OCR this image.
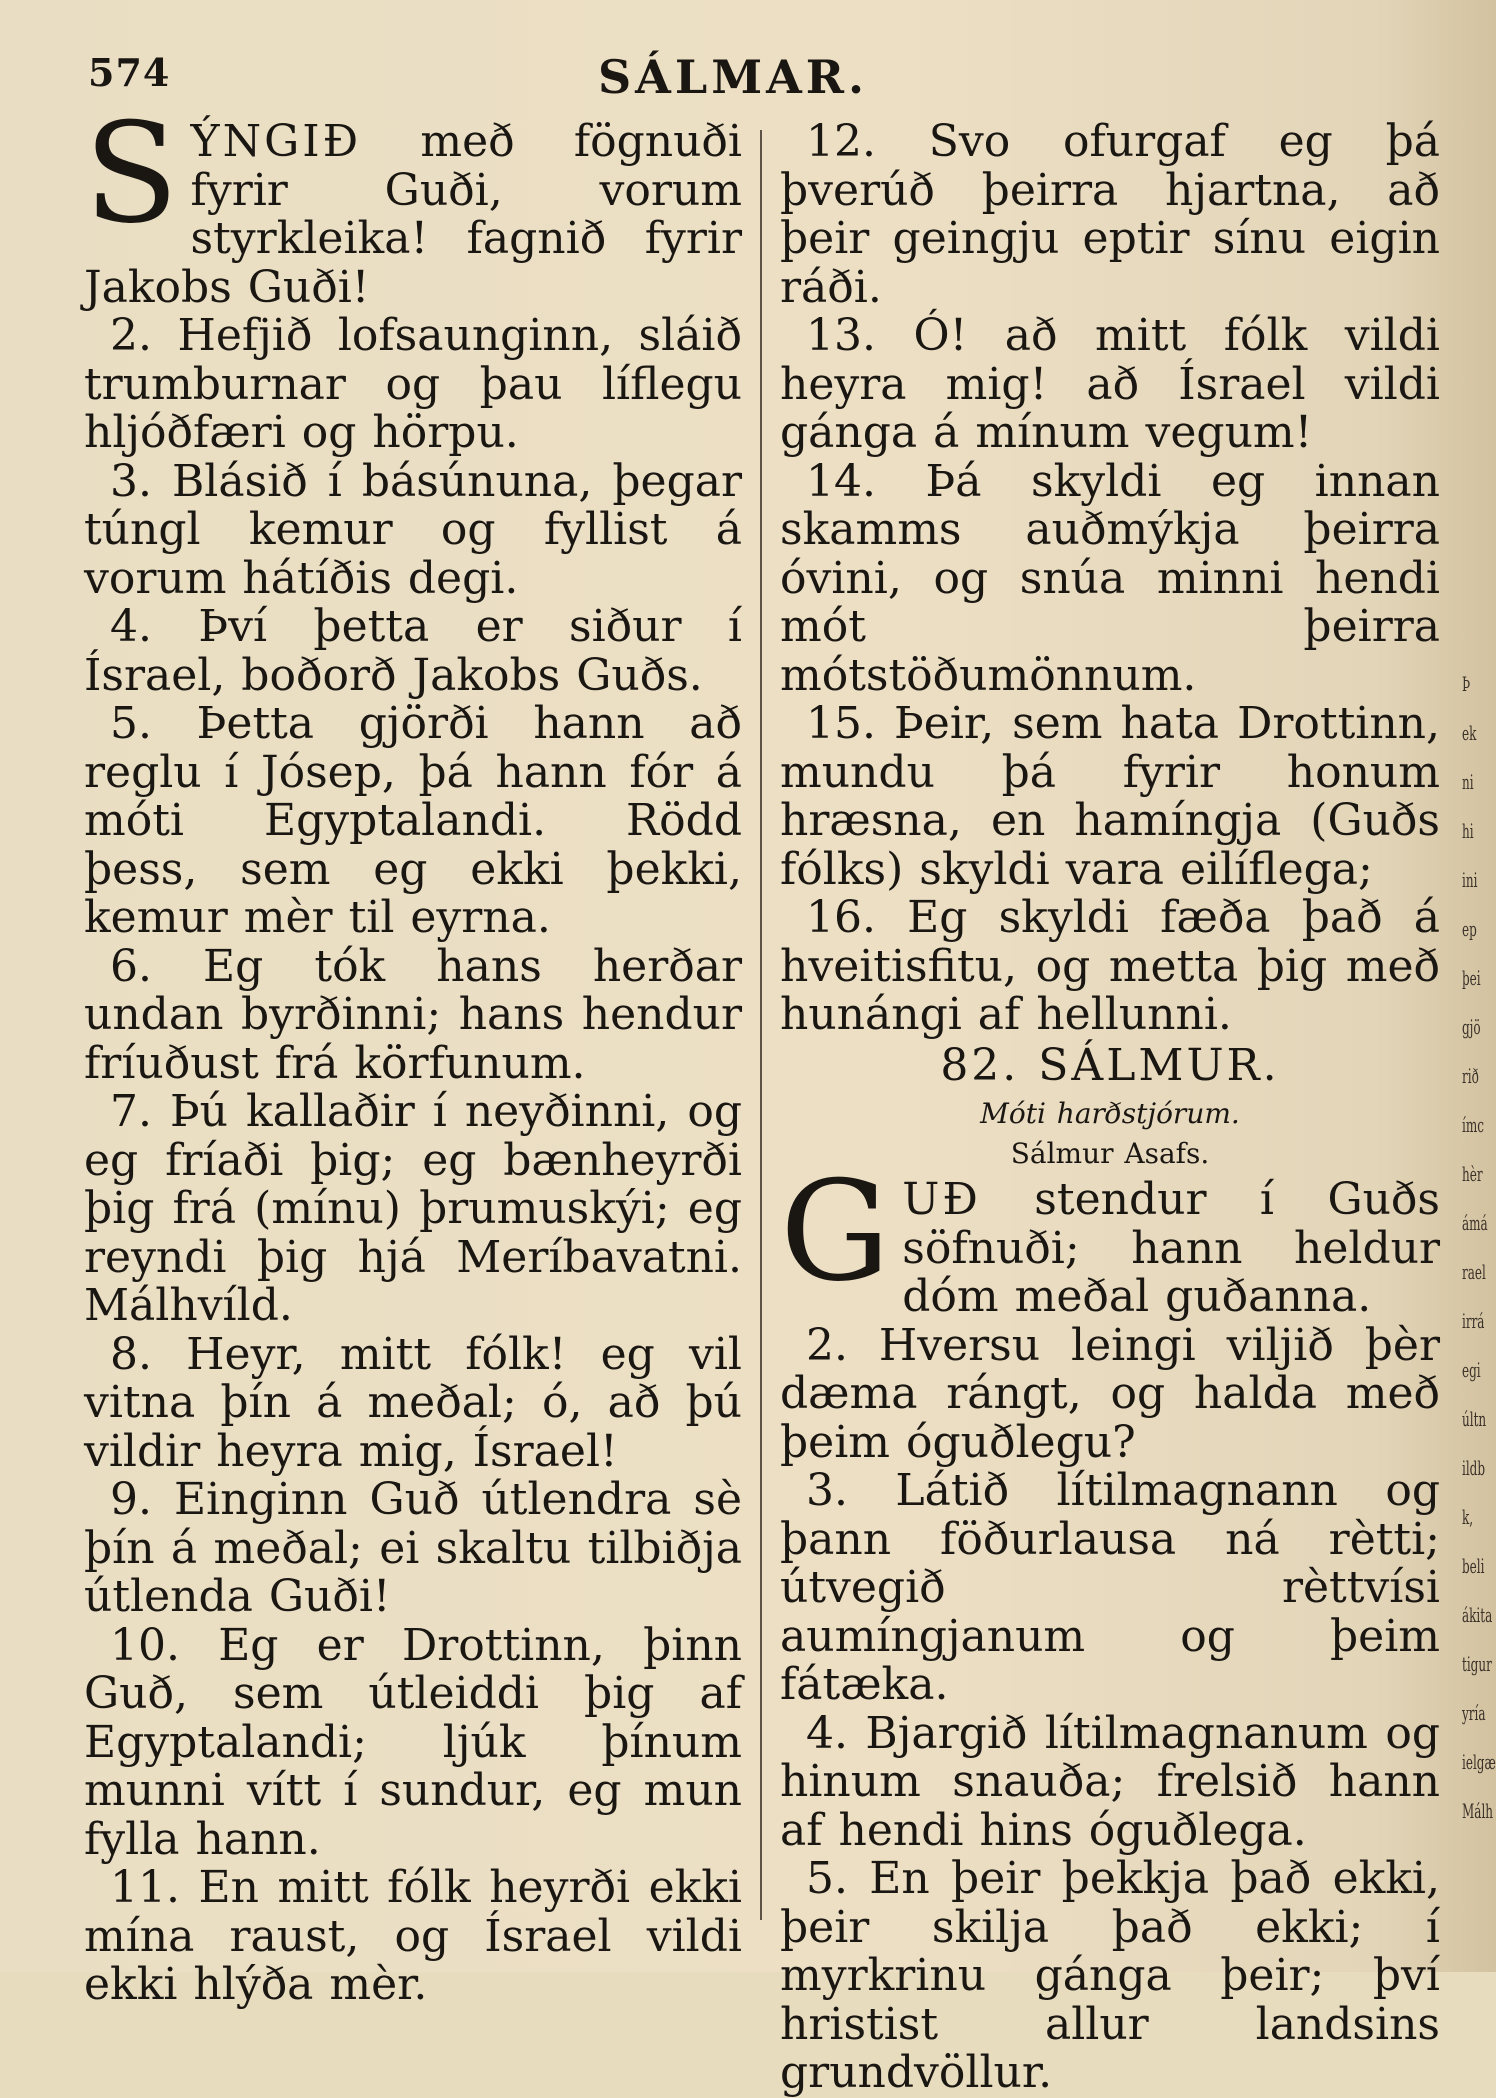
574	SÁLMAR.

SÝNGIÐ með fögnuði fyrir Guði, vorum styrkleika! fagnið fyrir Jakobs Guði!

2. Hefjið lofsaunginn, sláið trumburnar og þau líflegu hljóðfæri og hörpu.

3. Blásið í básúnuna, þegar túngl kemur og fyllist á vorum hátíðis degi.

4. Því þetta er siður í Ísrael, boðorð Jakobs Guðs.

5. Þetta gjörði hann að reglu í Jósep, þá hann fór á móti Egyptalandi. Rödd þess, sem eg ekki þekki, kemur mèr til eyrna.

6. Eg tók hans herðar undan byrðinni; hans hendur fríuðust frá körfunum.

7. Þú kallaðir í neyðinni, og eg fríaði þig; eg bænheyrði þig frá (mínu) þrumuskýi; eg reyndi þig hjá Meríbavatni. Málhvíld.

8. Heyr, mitt fólk! eg vil vitna þín á meðal; ó, að þú vildir heyra mig, Ísrael!

9. Einginn Guð útlendra sè þín á meðal; ei skaltu tilbiðja útlenda Guði!

10. Eg er Drottinn, þinn Guð, sem útleiddi þig af Egyptalandi; ljúk þínum munni vítt í sundur, eg mun fylla hann.

11. En mitt fólk heyrði ekki mína raust, og Ísrael vildi ekki hlýða mèr.

12. Svo ofurgaf eg þá þverúð þeirra hjartna, að þeir geingju eptir sínu eigin ráði.

13. Ó! að mitt fólk vildi heyra mig! að Ísrael vildi gánga á mínum vegum!

14. Þá skyldi eg innan skamms auðmýkja þeirra óvini, og snúa minni hendi mót þeirra mótstöðumönnum.

15. Þeir, sem hata Drottinn, mundu þá fyrir honum hræsna, en hamíngja (Guðs fólks) skyldi vara eilíflega;

16. Eg skyldi fæða það á hveitisfitu, og metta þig með hunángi af hellunni.

82. SÁLMUR.
Móti harðstjórum.
Sálmur Asafs.

GUÐ stendur í Guðs söfnuði; hann heldur dóm meðal guðanna.

2. Hversu leingi viljið þèr dæma rángt, og halda með þeim óguðlegu?

3. Látið lítilmagnann og þann föðurlausa ná rètti; útvegið rèttvísi aumíngjanum og þeim fátæka.

4. Bjargið lítilmagnanum og hinum snauða; frelsið hann af hendi hins óguðlega.

5. En þeir þekkja það ekki, þeir skilja það ekki; í myrkrinu gánga þeir; því hristist allur landsins grundvöllur.

Þ
ek
ni
hi
ini
ep
þei
gjö
rið
ímc
hèr
ámá
rael
irrá
egi
últn
ildb
k,
beli
ákita
tigur
yría
ielgæ
Málh
